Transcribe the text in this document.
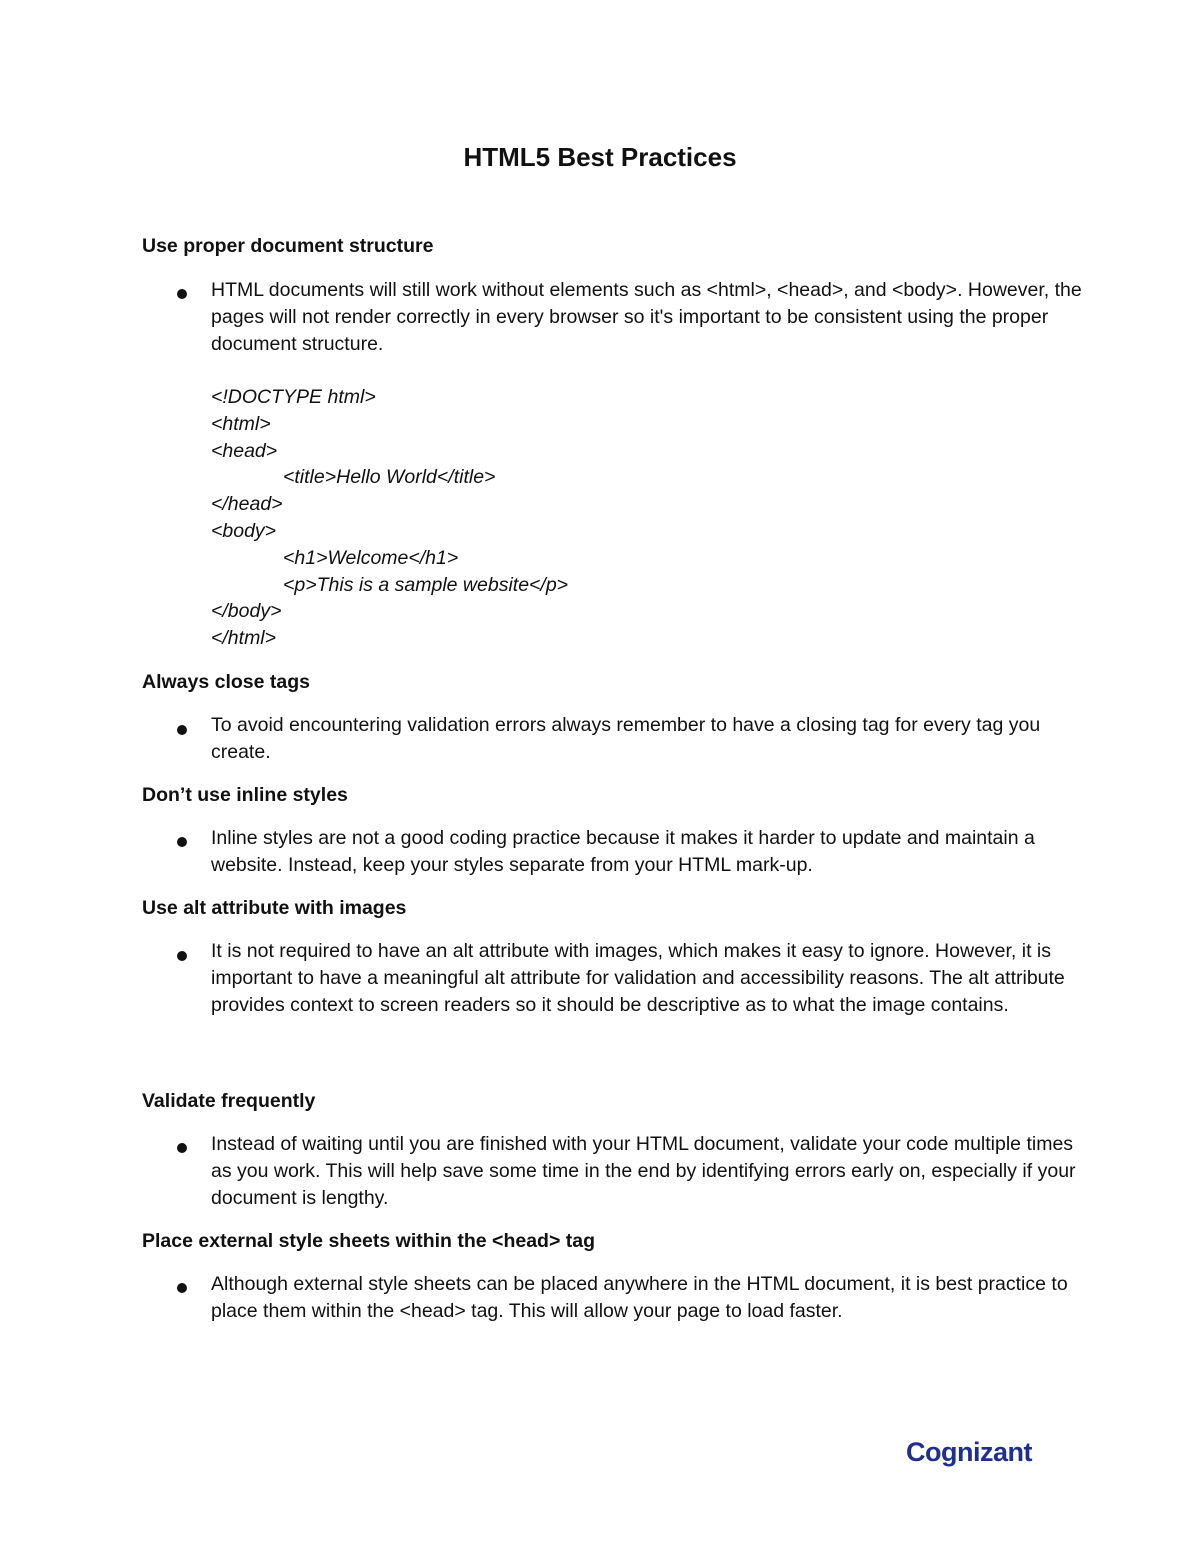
HTML5 Best Practices
Use proper document structure

HTML documents will still work without elements such as <html>, <head>, and <body>. However, the pages will not render correctly in every browser so it's important to be consistent using the proper document structure.

<!DOCTYPE html>
<html>
<head>
<title>Hello World</title>
</head>
<body>
<h1>Welcome</h1>
<p>This is a sample website</p>
</body>
</html>
Always close tags

To avoid encountering validation errors always remember to have a closing tag for every tag you create.

Don’t use inline styles

Inline styles are not a good coding practice because it makes it harder to update and maintain a website. Instead, keep your styles separate from your HTML mark-up.

Use alt attribute with images

It is not required to have an alt attribute with images, which makes it easy to ignore. However, it is important to have a meaningful alt attribute for validation and accessibility reasons. The alt attribute provides context to screen readers so it should be descriptive as to what the image contains.

Validate frequently

Instead of waiting until you are finished with your HTML document, validate your code multiple times as you work. This will help save some time in the end by identifying errors early on, especially if your document is lengthy.

Place external style sheets within the <head> tag

Although external style sheets can be placed anywhere in the HTML document, it is best practice to place them within the <head> tag. This will allow your page to load faster.

Cognizant
